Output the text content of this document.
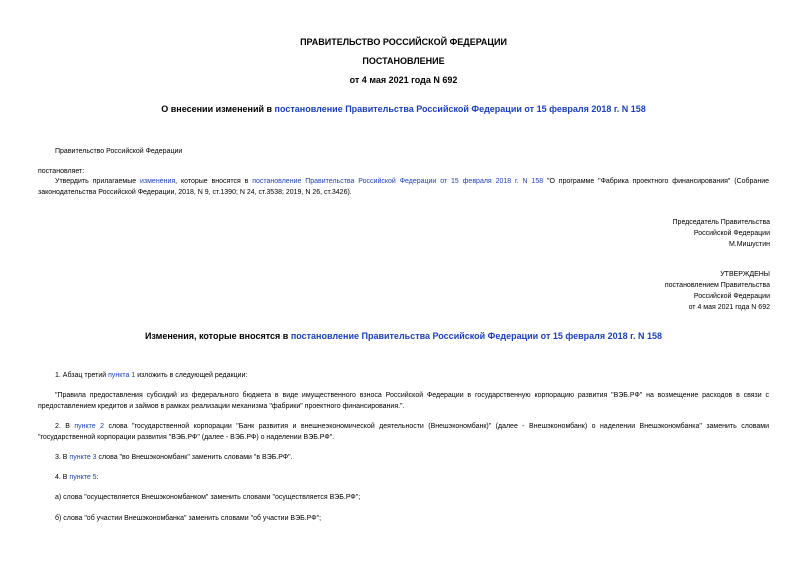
ПРАВИТЕЛЬСТВО РОССИЙСКОЙ ФЕДЕРАЦИИ
ПОСТАНОВЛЕНИЕ
от 4 мая 2021 года N 692
О внесении изменений в постановление Правительства Российской Федерации от 15 февраля 2018 г. N 158
Правительство Российской Федерации
постановляет:
Утвердить прилагаемые изменения, которые вносятся в постановление Правительства Российской Федерации от 15 февраля 2018 г. N 158 "О программе "Фабрика проектного финансирования" (Собрание законодательства Российской Федерации, 2018, N 9, ст.1390; N 24, ст.3538; 2019, N 26, ст.3426).
Председатель Правительства
Российской Федерации
М.Мишустин
УТВЕРЖДЕНЫ
постановлением Правительства
Российской Федерации
от 4 мая 2021 года N 692
Изменения, которые вносятся в постановление Правительства Российской Федерации от 15 февраля 2018 г. N 158
1. Абзац третий пункта 1 изложить в следующей редакции:
"Правила предоставления субсидий из федерального бюджета в виде имущественного взноса Российской Федерации в государственную корпорацию развития "ВЭБ.РФ" на возмещение расходов в связи с предоставлением кредитов и займов в рамках реализации механизма "фабрики" проектного финансирования.".
2. В пункте 2 слова "государственной корпорации "Банк развития и внешнеэкономической деятельности (Внешэкономбанк)" (далее - Внешэкономбанк) о наделении Внешэкономбанка" заменить словами "государственной корпорации развития "ВЭБ.РФ" (далее - ВЭБ.РФ) о наделении ВЭБ.РФ".
3. В пункте 3 слова "во Внешэкономбанк" заменить словами "в ВЭБ.РФ".
4. В пункте 5:
а) слова "осуществляется Внешэкономбанком" заменить словами "осуществляется ВЭБ.РФ";
б) слова "об участии Внешэкономбанка" заменить словами "об участии ВЭБ.РФ";
